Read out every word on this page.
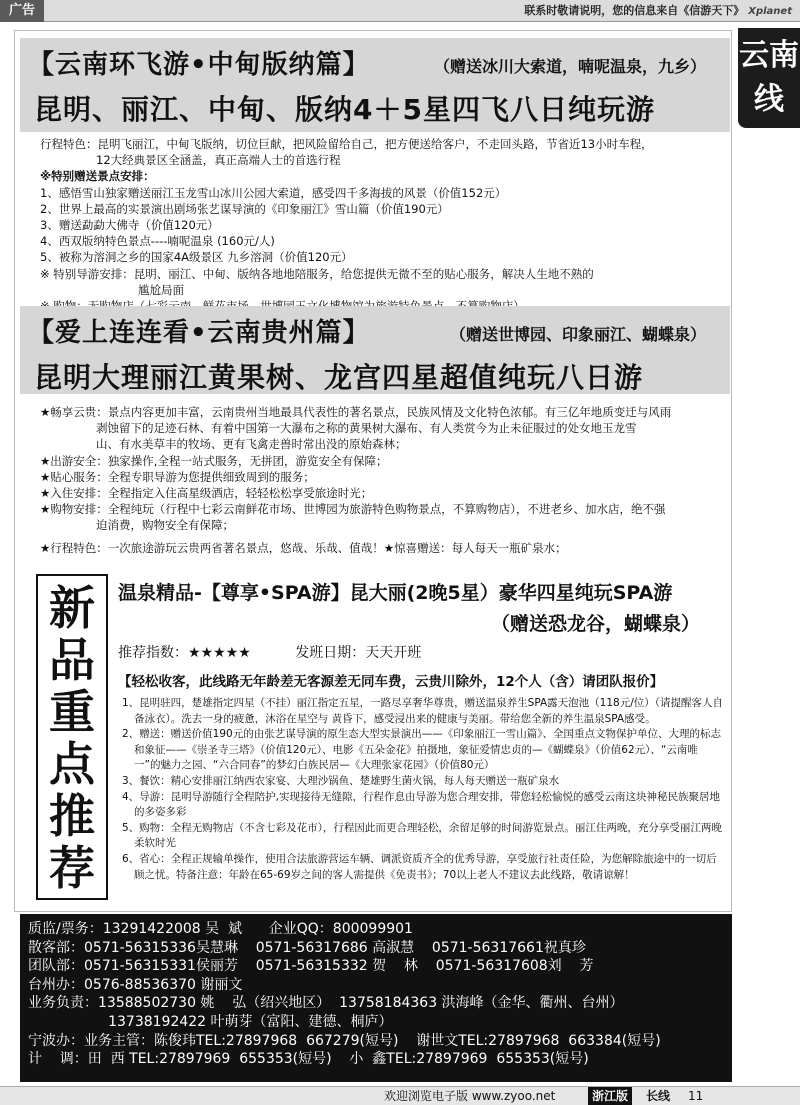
广告	联系时敬请说明，您的信息来自《信游天下》 Xplanet
云南线
【云南环飞游•中甸版纳篇】	（赠送冰川大索道，喃呢温泉，九乡）
昆明、丽江、中甸、版纳4＋5星四飞八日纯玩游

行程特色：昆明飞丽江，中甸飞版纳，切位巨献，把风险留给自己，把方便送给客户，不走回头路，节省近13小时车程，

12大经典景区全涵盖，真正高端人士的首选行程

※特别赠送景点安排：

1、感悟雪山独家赠送丽江玉龙雪山冰川公园大索道，感受四千多海拔的风景（价值152元）

2、世界上最高的实景演出剧场张艺谋导演的《印象丽江》雪山篇（价值190元）

3、赠送勐勐大佛寺（价值120元）

4、西双版纳特色景点----喃呢温泉 (160元/人)

5、被称为溶洞之乡的国家4A级景区 九乡溶洞（价值120元）

※ 特别导游安排：昆明、丽江、中甸、版纳各地地陪服务，给您提供无微不至的贴心服务，解决人生地不熟的

尴尬局面

【爱上连连看•云南贵州篇】	（赠送世博园、印象丽江、蝴蝶泉）
昆明大理丽江黄果树、龙宫四星超值纯玩八日游

★畅享云贵：景点内容更加丰富，云南贵州当地最具代表性的著名景点，民族风情及文化特色浓郁。有三亿年地质变迁与风雨

剥蚀留下的足迹石林、有着中国第一大瀑布之称的黄果树大瀑布、有人类赏今为止未征服过的处女地玉龙雪

山、有水美草丰的牧场、更有飞禽走兽时常出没的原始森林；

★出游安全：独家操作,全程一站式服务，无拼团，游览安全有保障；

★贴心服务：全程专职导游为您提供细致周到的服务；

★入住安排：全程指定入住高星级酒店，轻轻松松享受旅途时光；

★购物安排：全程纯玩（行程中七彩云南鲜花市场、世博园为旅游特色购物景点，不算购物店），不进老乡、加水店，绝不强

迫消费，购物安全有保障；

★行程特色：一次旅途游玩云贵两省著名景点，悠哉、乐哉、值哉！★惊喜赠送：每人每天一瓶矿泉水；

新
品
重
点
推
荐
温泉精品-【尊享•SPA游】昆大丽(2晚5星）豪华四星纯玩SPA游
（赠送恐龙谷，蝴蝶泉）
推荐指数：★★★★★	发班日期：天天开班
【轻松收客，此线路无年龄差无客源差无同车费，云贵川除外，12个人（含）请团队报价】

1、昆明驻四，楚雄指定四星（不挂）丽江指定五星，一路尽享奢华尊贵，赠送温泉养生SPA露天泡池（118元/位）（请提醒客人自备泳衣）。洗去一身的疲惫，沐浴在星空与 黄昏下，感受浸出来的健康与美丽。带给您全新的养生温泉SPA感受。

2、赠送：赠送价值190元的由张艺谋导演的原生态大型实景演出——《印象丽江一雪山篇》、全国重点文物保护单位、大理的标志和象征——《崇圣寺三塔》（价值120元）、电影《五朵金花》拍摄地，象征爱情忠贞的—《蝴蝶泉》（价值62元）、“云南唯一”的魅力之园、“六合同春”的梦幻白族民居—《大理张家花园》（价值80元）

3、餐饮：精心安排丽江纳西农家宴、大理沙锅鱼、楚雄野生菌火锅，每人每天赠送一瓶矿泉水

4、导游：昆明导游随行全程陪护,实现接待无缝隙，行程作息由导游为您合理安排，带您轻松愉悦的感受云南这块神秘民族聚居地的多姿多彩

5、购物：全程无购物店（不含七彩及花市），行程因此而更合理轻松，余留足够的时间游览景点。丽江住两晚，充分享受丽江两晚柔软时光

6、省心：全程正规输单操作，使用合法旅游营运车辆、调派资质齐全的优秀导游，享受旅行社责任险，为您解除旅途中的一切后顾之忧。特备注意：年龄在65-69岁之间的客人需提供《免责书》；70以上老人不建议去此线路，敬请谅解！

质监/票务：13291422008 吴  斌      企业QQ：800099901

散客部：0571-56315336吴慧琳    0571-56317686 高淑慧    0571-56317661祝真珍

团队部：0571-56315331侯丽芳    0571-56315332 贺    林    0571-56317608刘    芳

台州办：0576-88536370 谢丽文

业务负责：13588502730 姚    弘（绍兴地区）  13758184363 洪海峰（金华、衢州、台州）

13738192422 叶萌芽（富阳、建德、桐庐）

宁波办：业务主管：陈俊玮TEL:27897968  667279(短号)    谢世文TEL:27897968  663384(短号)

计    调：田  西 TEL:27897969  655353(短号)    小  鑫TEL:27897969  655353(短号)

欢迎浏览电子版 www.zyoo.net	浙江版	长线 11
